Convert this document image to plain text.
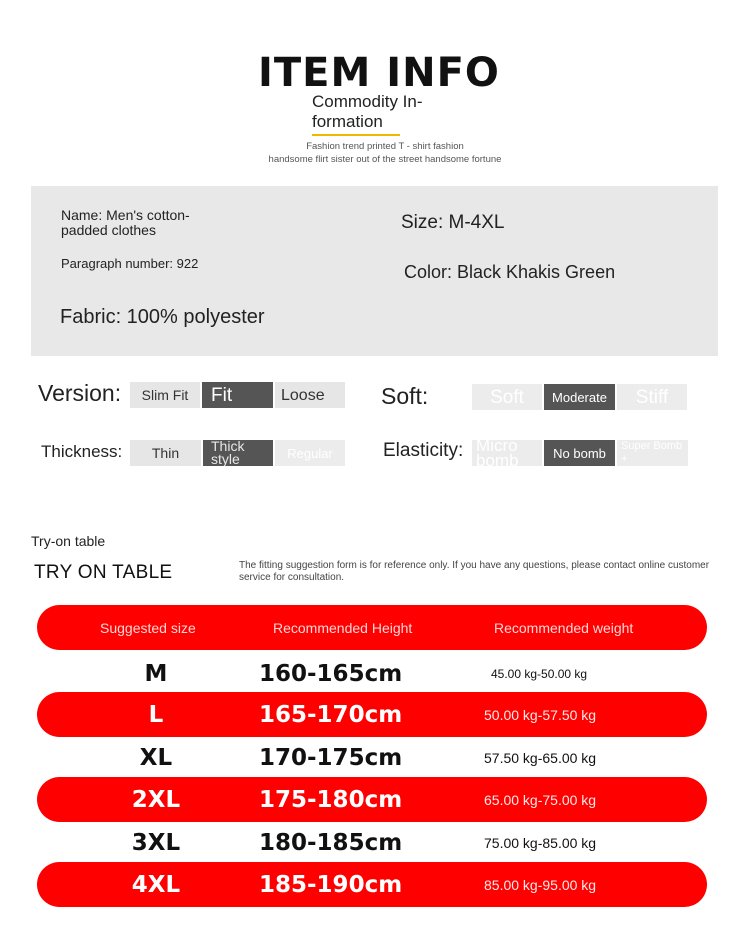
ITEM INFO
Commodity In-formation
Fashion trend printed T - shirt fashion
handsome flirt sister out of the street handsome fortune
Name: Men's cotton-padded clothes
Paragraph number: 922
Fabric: 100% polyester
Size: M-4XL
Color: Black Khakis Green
Version:	Slim Fit	Fit	Loose	Soft:	Soft	Moderate	Stiff
Thickness:	Thin	Thick style	Regular	Elasticity: Micro bomb	No bomb	Super Bomb +
Try-on table
TRY ON TABLE	The fitting suggestion form is for reference only. If you have any questions, please contact online customer service for consultation.
Suggested size	Recommended Height	Recommended weight
M	160-165cm	45.00 kg-50.00 kg
L	165-170cm	50.00 kg-57.50 kg
XL	170-175cm	57.50 kg-65.00 kg
2XL	175-180cm	65.00 kg-75.00 kg
3XL	180-185cm	75.00 kg-85.00 kg
4XL	185-190cm	85.00 kg-95.00 kg
